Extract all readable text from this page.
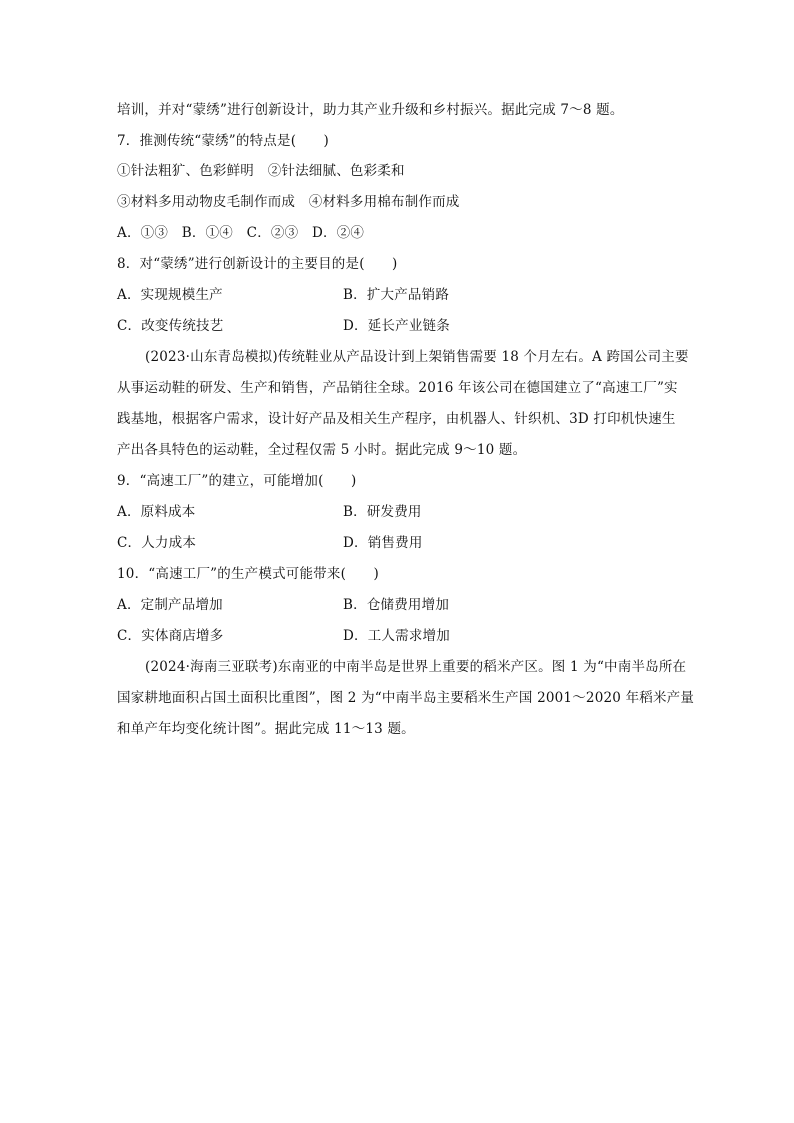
培训，并对“蒙绣”进行创新设计，助力其产业升级和乡村振兴。据此完成 7～8 题。
7．推测传统“蒙绣”的特点是(　　)
①针法粗犷、色彩鲜明　②针法细腻、色彩柔和
③材料多用动物皮毛制作而成　④材料多用棉布制作而成
A．①③　B．①④　C．②③　D．②④
8．对“蒙绣”进行创新设计的主要目的是(　　)
A．实现规模生产	B．扩大产品销路
C．改变传统技艺	D．延长产业链条
(2023·山东青岛模拟)传统鞋业从产品设计到上架销售需要 18 个月左右。A 跨国公司主要
从事运动鞋的研发、生产和销售，产品销往全球。2016 年该公司在德国建立了“高速工厂”实
践基地，根据客户需求，设计好产品及相关生产程序，由机器人、针织机、3D 打印机快速生
产出各具特色的运动鞋，全过程仅需 5 小时。据此完成 9～10 题。
9．“高速工厂”的建立，可能增加(　　)
A．原料成本	B．研发费用
C．人力成本	D．销售费用
10．“高速工厂”的生产模式可能带来(　　)
A．定制产品增加	B．仓储费用增加
C．实体商店增多	D．工人需求增加
(2024·海南三亚联考)东南亚的中南半岛是世界上重要的稻米产区。图 1 为“中南半岛所在
国家耕地面积占国土面积比重图”，图 2 为“中南半岛主要稻米生产国 2001～2020 年稻米产量
和单产年均变化统计图”。据此完成 11～13 题。
